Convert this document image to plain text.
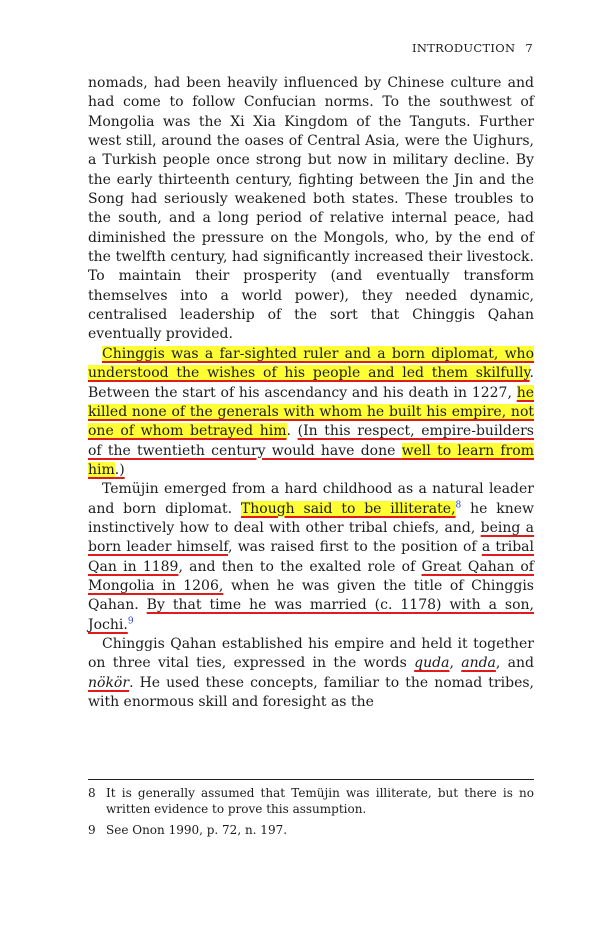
INTRODUCTION 7

nomads, had been heavily influenced by Chinese culture and had come to follow Confucian norms. To the southwest of Mongolia was the Xi Xia Kingdom of the Tanguts. Further west still, around the oases of Central Asia, were the Uighurs, a Turkish people once strong but now in military decline. By the early thirteenth century, fighting between the Jin and the Song had seriously weakened both states. These troubles to the south, and a long period of relative internal peace, had diminished the pressure on the Mongols, who, by the end of the twelfth century, had significantly increased their livestock. To maintain their prosperity (and eventually transform themselves into a world power), they needed dynamic, centralised leadership of the sort that Chinggis Qahan eventually provided.

Chinggis was a far-sighted ruler and a born diplomat, who understood the wishes of his people and led them skilfully. Between the start of his ascendancy and his death in 1227, he killed none of the generals with whom he built his empire, not one of whom betrayed him. (In this respect, empire-builders of the twentieth century would have done well to learn from him.)

Temüjin emerged from a hard childhood as a natural leader and born diplomat. Though said to be illiterate,$^8$ he knew instinctively how to deal with other tribal chiefs, and, being a born leader himself, was raised first to the position of a tribal Qan in 1189, and then to the exalted role of Great Qahan of Mongolia in 1206, when he was given the title of Chinggis Qahan. By that time he was married (c. 1178) with a son, Jochi.$^9$

Chinggis Qahan established his empire and held it together on three vital ties, expressed in the words quda, anda, and nökör. He used these concepts, familiar to the nomad tribes, with enormous skill and foresight as the

8 It is generally assumed that Temüjin was illiterate, but there is no written evidence to prove this assumption.
9 See Onon 1990, p. 72, n. 197.
